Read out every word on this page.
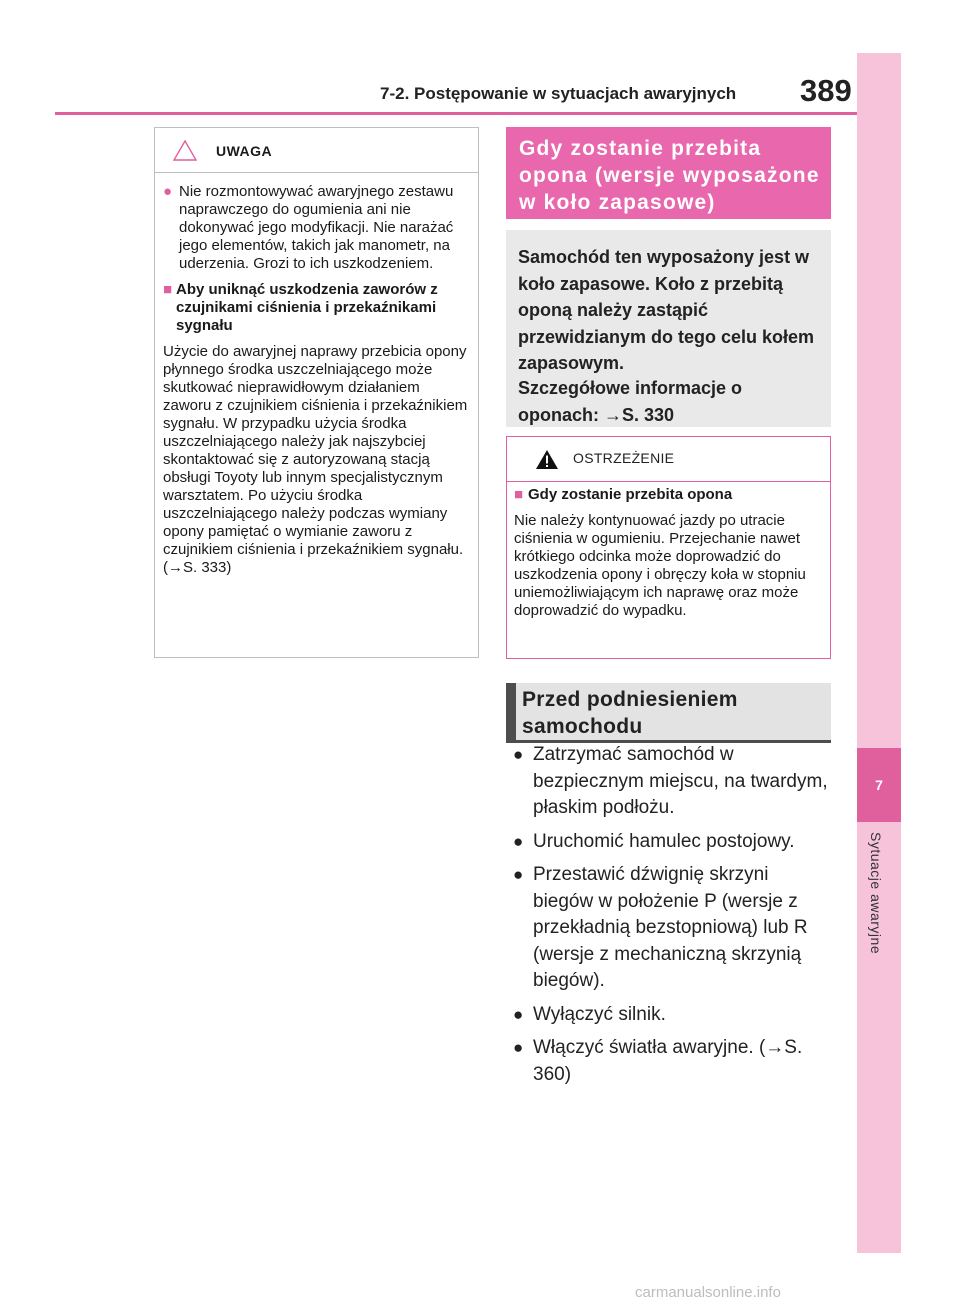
7-2. Postępowanie w sytuacjach awaryjnych 389
7
Sytuacje awaryjne
UWAGA
● Nie rozmontowywać awaryjnego zestawu naprawczego do ogumienia ani nie dokonywać jego modyfikacji. Nie narażać jego elementów, takich jak manometr, na uderzenia. Grozi to ich uszkodzeniem.
■ Aby uniknąć uszkodzenia zaworów z czujnikami ciśnienia i przekaźnikami sygnału

Użycie do awaryjnej naprawy przebicia opony płynnego środka uszczelniającego może skutkować nieprawidłowym działaniem zaworu z czujnikiem ciśnienia i przekaźnikiem sygnału. W przypadku użycia środka uszczelniającego należy jak najszybciej skontaktować się z autoryzowaną stacją obsługi Toyoty lub innym specjalistycznym warsztatem. Po użyciu środka uszczelniającego należy podczas wymiany opony pamiętać o wymianie zaworu z czujnikiem ciśnienia i przekaźnikiem sygnału. (→S. 333)

Gdy zostanie przebita opona (wersje wyposażone w koło zapasowe)
Samochód ten wyposażony jest w koło zapasowe. Koło z przebitą oponą należy zastąpić przewidzianym do tego celu kołem zapasowym.
Szczegółowe informacje o oponach: →S. 330
OSTRZEŻENIE
■ Gdy zostanie przebita opona

Nie należy kontynuować jazdy po utracie ciśnienia w ogumieniu. Przejechanie nawet krótkiego odcinka może doprowadzić do uszkodzenia opony i obręczy koła w stopniu uniemożliwiającym ich naprawę oraz może doprowadzić do wypadku.

Przed podniesieniem samochodu
● Zatrzymać samochód w bezpiecznym miejscu, na twardym, płaskim podłożu.
● Uruchomić hamulec postojowy.
● Przestawić dźwignię skrzyni biegów w położenie P (wersje z przekładnią bezstopniową) lub R (wersje z mechaniczną skrzynią biegów).
● Wyłączyć silnik.
● Włączyć światła awaryjne. (→S. 360)
carmanualsonline.info
